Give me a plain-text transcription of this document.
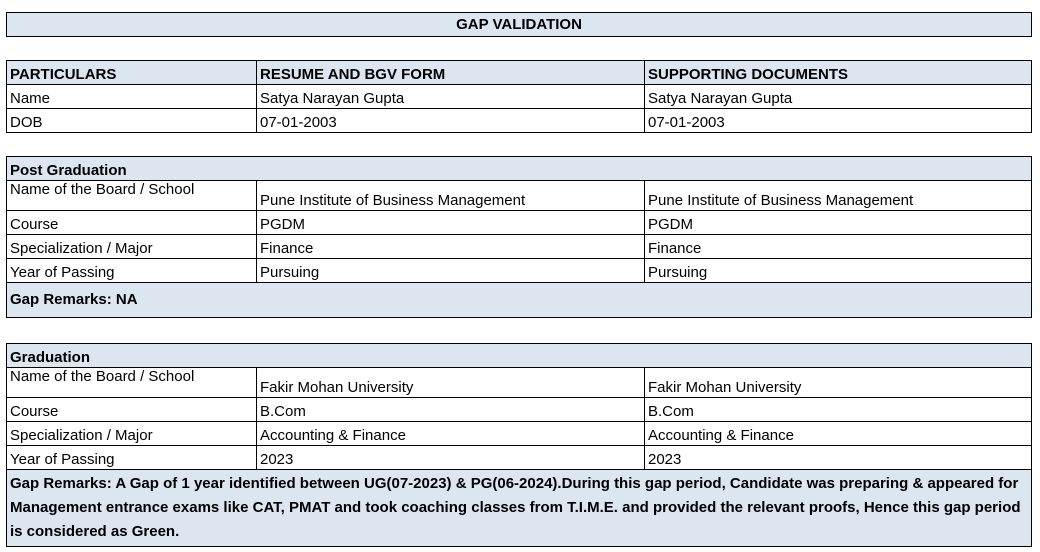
GAP VALIDATION
PARTICULARS	RESUME AND BGV FORM	SUPPORTING DOCUMENTS
Name	Satya Narayan Gupta	Satya Narayan Gupta
DOB	07-01-2003	07-01-2003
Post Graduation		
Name of the Board / School	Pune Institute of Business Management	Pune Institute of Business Management
Course	PGDM	PGDM
Specialization / Major	Finance	Finance
Year of Passing	Pursuing	Pursuing
Gap Remarks: NA		
Graduation		
Name of the Board / School	Fakir Mohan University	Fakir Mohan University
Course	B.Com	B.Com
Specialization / Major	Accounting & Finance	Accounting & Finance
Year of Passing	2023	2023
Gap Remarks: A Gap of 1 year identified between UG(07-2023) & PG(06-2024).During this gap period, Candidate was preparing & appeared for Management entrance exams like CAT, PMAT and took coaching classes from T.I.M.E. and provided the relevant proofs, Hence this gap period is considered as Green.		
